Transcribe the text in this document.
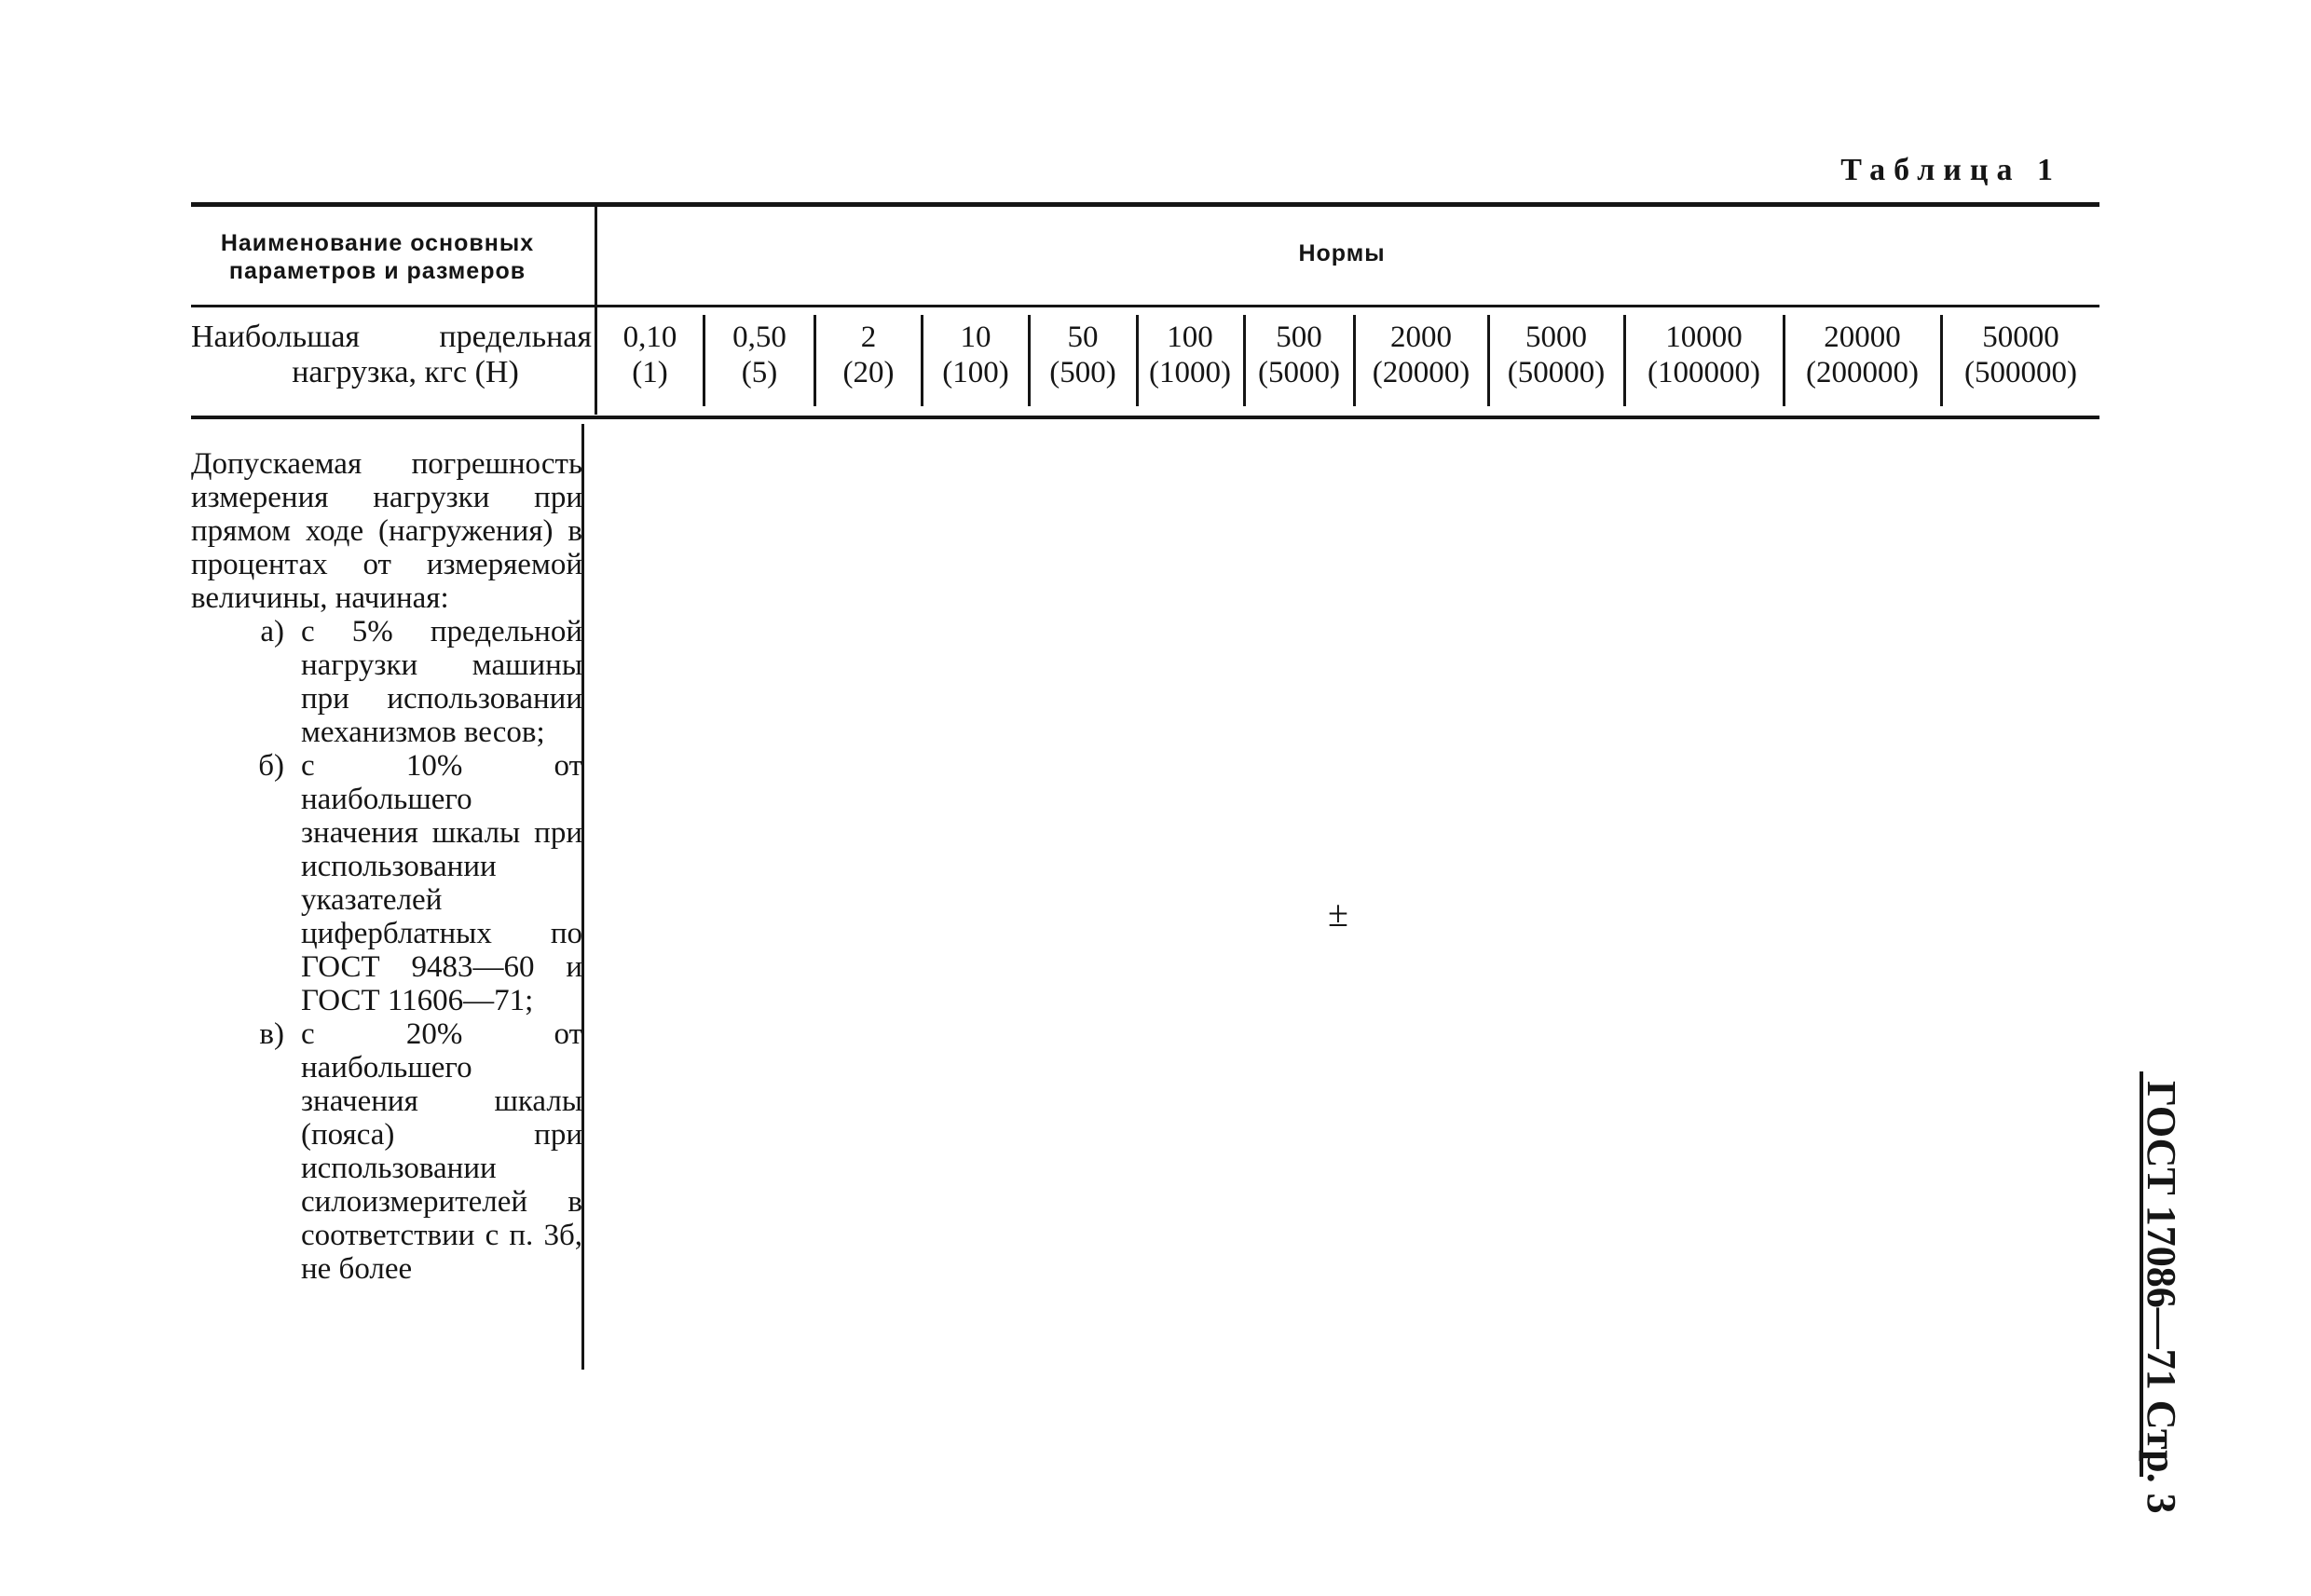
Таблица 1
Наименование основных
параметров и размеров
Нормы
Наибольшая предельная
нагрузка, кгс (Н)
0,10
(1)
0,50
(5)
2
(20)
10
(100)
50
(500)
100
(1000)
500
(5000)
2000
(20000)
5000
(50000)
10000
(100000)
20000
(200000)
50000
(500000)
Допускаемая погрешность измерения нагрузки при прямом ходе (нагружения) в процентах от измеряемой величины, начиная:
а) с 5% предельной нагрузки машины при использовании механизмов весов;
б) с 10% от наибольшего значения шкалы при использовании указателей циферблатных по ГОСТ 9483—60 и ГОСТ 11606—71;
в) с 20% от наибольшего значения шкалы (пояса) при использовании силоизмерителей в соответствии с п. 3б, не более
±
ГОСТ 17086—71 Стр. 3
